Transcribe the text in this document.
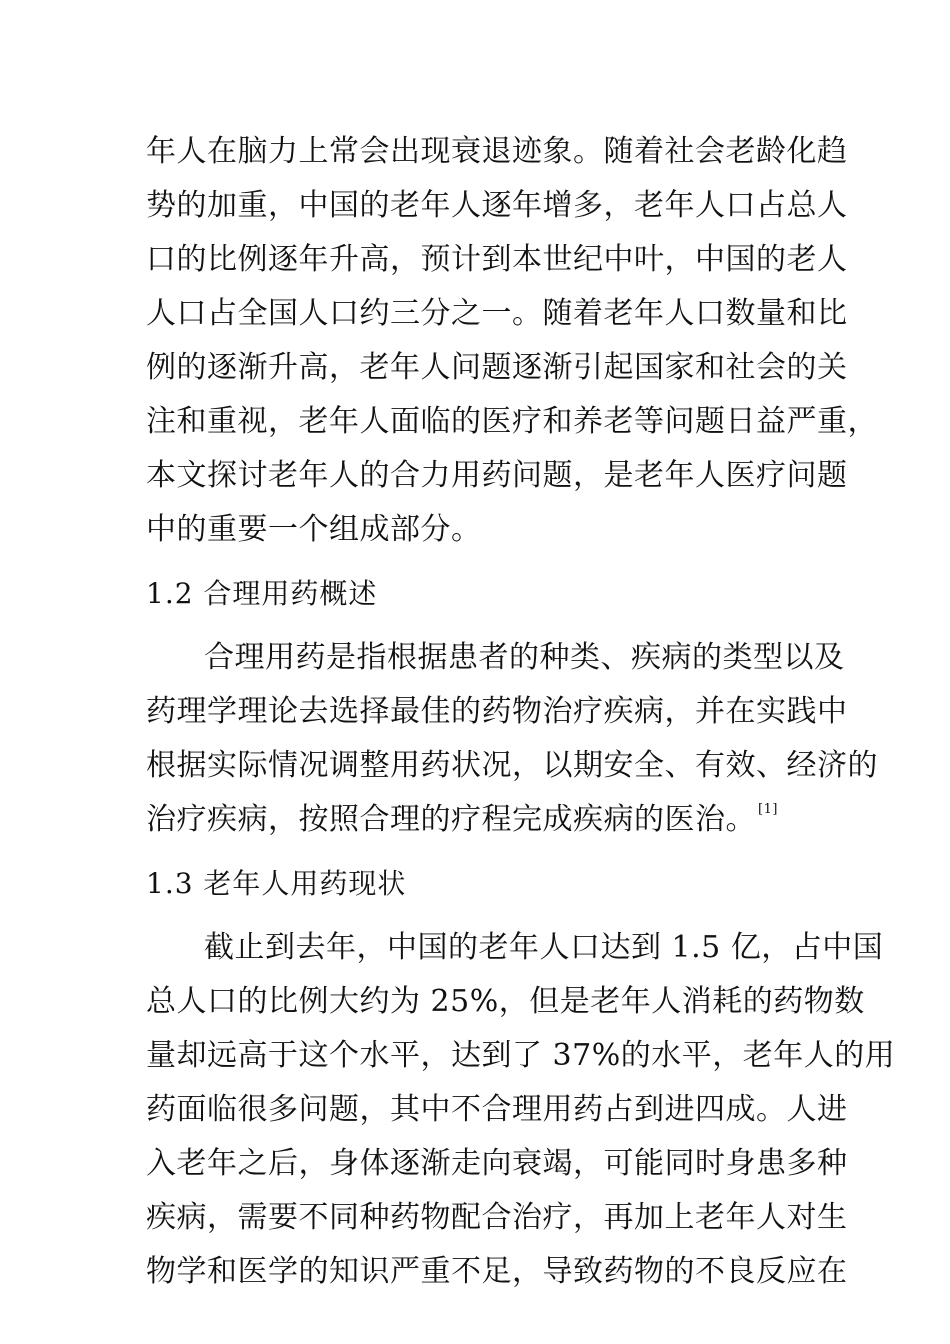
年人在脑力上常会出现衰退迹象。随着社会老龄化趋
势的加重，中国的老年人逐年增多，老年人口占总人
口的比例逐年升高，预计到本世纪中叶，中国的老人
人口占全国人口约三分之一。随着老年人口数量和比
例的逐渐升高，老年人问题逐渐引起国家和社会的关
注和重视，老年人面临的医疗和养老等问题日益严重，
本文探讨老年人的合力用药问题，是老年人医疗问题
中的重要一个组成部分。
1.2 合理用药概述
合理用药是指根据患者的种类、疾病的类型以及
药理学理论去选择最佳的药物治疗疾病，并在实践中
根据实际情况调整用药状况，以期安全、有效、经济的
治疗疾病，按照合理的疗程完成疾病的医治。 [1]
1.3 老年人用药现状
截止到去年，中国的老年人口达到 1.5 亿，占中国
总人口的比例大约为 25%，但是老年人消耗的药物数
量却远高于这个水平，达到了 37%的水平，老年人的用
药面临很多问题，其中不合理用药占到进四成。人进
入老年之后，身体逐渐走向衰竭，可能同时身患多种
疾病，需要不同种药物配合治疗，再加上老年人对生
物学和医学的知识严重不足，导致药物的不良反应在
